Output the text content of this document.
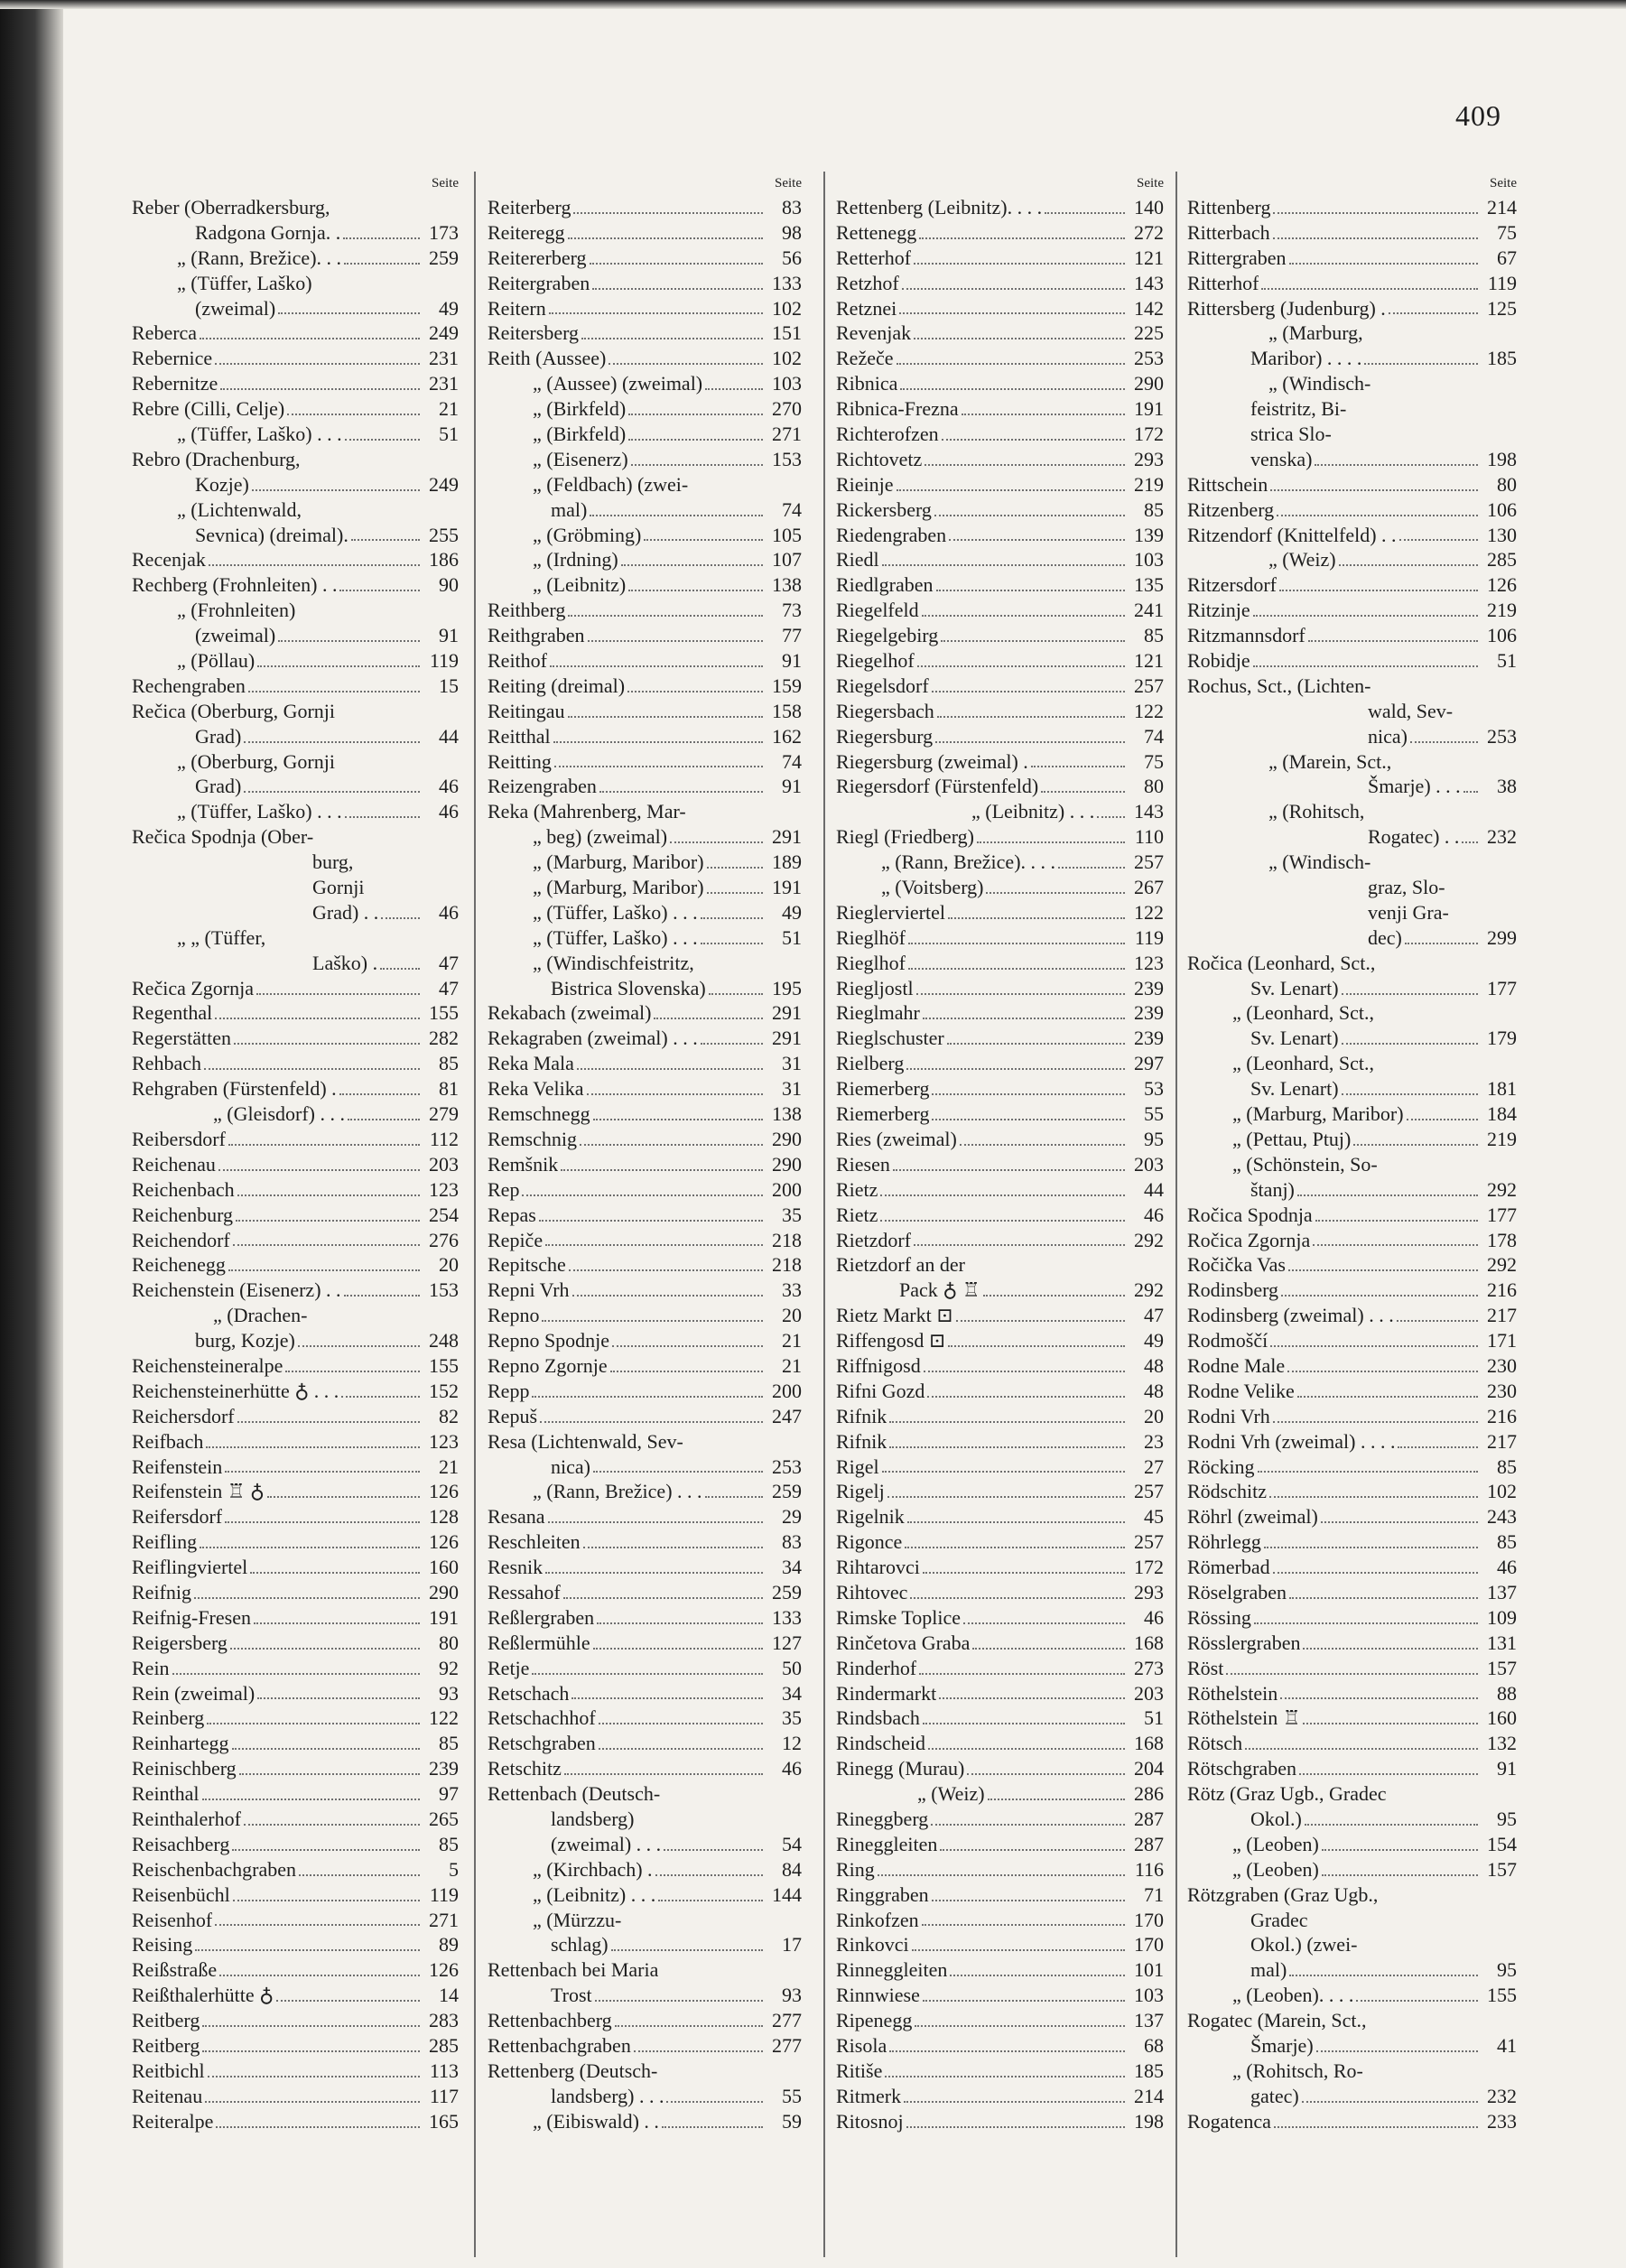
409
Seite
Reber (Oberradkersburg,
Radgona Gornja. .	173
„ (Rann, Brežice). . .	259
„ (Tüffer, Laško)
(zweimal)	49
Reberca	249
Rebernice	231
Rebernitze	231
Rebre (Cilli, Celje)	21
„ (Tüffer, Laško) . . .	51
Rebro (Drachenburg,
Kozje)	249
„ (Lichtenwald,
Sevnica) (dreimal).	255
Recenjak	186
Rechberg (Frohnleiten) . .	90
„ (Frohnleiten)
(zweimal)	91
„ (Pöllau)	119
Rechengraben	15
Rečica (Oberburg, Gornji
Grad)	44
„ (Oberburg, Gornji
Grad)	46
„ (Tüffer, Laško) . . .	46
Rečica Spodnja (Ober-
burg,
Gornji
Grad) . .	46
„ „ (Tüffer,
Laško) .	47
Rečica Zgornja	47
Regenthal	155
Regerstätten	282
Rehbach	85
Rehgraben (Fürstenfeld) .	81
„ (Gleisdorf) . . .	279
Reibersdorf	112
Reichenau	203
Reichenbach	123
Reichenburg	254
Reichendorf	276
Reichenegg	20
Reichenstein (Eisenerz) . .	153
„ (Drachen-
burg, Kozje)	248
Reichensteineralpe	155
Reichensteinerhütte ♁ . . .	152
Reichersdorf	82
Reifbach	123
Reifenstein	21
Reifenstein ♖ ♁	126
Reifersdorf	128
Reifling	126
Reiflingviertel	160
Reifnig	290
Reifnig-Fresen	191
Reigersberg	80
Rein	92
Rein (zweimal)	93
Reinberg	122
Reinhartegg	85
Reinischberg	239
Reinthal	97
Reinthalerhof	265
Reisachberg	85
Reischenbachgraben	5
Reisenbüchl	119
Reisenhof	271
Reising	89
Reißstraße	126
Reißthalerhütte ♁	14
Reitberg	283
Reitberg	285
Reitbichl	113
Reitenau	117
Reiteralpe	165
Seite
Reiterberg	83
Reiteregg	98
Reitererberg	56
Reitergraben	133
Reitern	102
Reitersberg	151
Reith (Aussee)	102
„ (Aussee) (zweimal)	103
„ (Birkfeld)	270
„ (Birkfeld)	271
„ (Eisenerz)	153
„ (Feldbach) (zwei-
mal)	74
„ (Gröbming)	105
„ (Irdning)	107
„ (Leibnitz)	138
Reithberg	73
Reithgraben	77
Reithof	91
Reiting (dreimal)	159
Reitingau	158
Reitthal	162
Reitting	74
Reizengraben	91
Reka (Mahrenberg, Mar-
„ beg) (zweimal)	291
„ (Marburg, Maribor)	189
„ (Marburg, Maribor)	191
„ (Tüffer, Laško) . . .	49
„ (Tüffer, Laško) . . .	51
„ (Windischfeistritz,
Bistrica Slovenska)	195
Rekabach (zweimal)	291
Rekagraben (zweimal) . . .	291
Reka Mala	31
Reka Velika	31
Remschnegg	138
Remschnig	290
Remšnik	290
Rep	200
Repas	35
Repiče	218
Repitsche	218
Repni Vrh	33
Repno	20
Repno Spodnje	21
Repno Zgornje	21
Repp	200
Repuš	247
Resa (Lichtenwald, Sev-
nica)	253
„ (Rann, Brežice) . . .	259
Resana	29
Reschleiten	83
Resnik	34
Ressahof	259
Reßlergraben	133
Reßlermühle	127
Retje	50
Retschach	34
Retschachhof	35
Retschgraben	12
Retschitz	46
Rettenbach (Deutsch-
landsberg)
(zweimal) . . .	54
„ (Kirchbach) .	84
„ (Leibnitz) . . .	144
„ (Mürzzu-
schlag)	17
Rettenbach bei Maria
Trost	93
Rettenbachberg	277
Rettenbachgraben	277
Rettenberg (Deutsch-
landsberg) . . .	55
„ (Eibiswald) . .	59
Seite
Rettenberg (Leibnitz). . . .	140
Rettenegg	272
Retterhof	121
Retzhof	143
Retznei	142
Revenjak	225
Režeče	253
Ribnica	290
Ribnica-Frezna	191
Richterofzen	172
Richtovetz	293
Rieinje	219
Rickersberg	85
Riedengraben	139
Riedl	103
Riedlgraben	135
Riegelfeld	241
Riegelgebirg	85
Riegelhof	121
Riegelsdorf	257
Riegersbach	122
Riegersburg	74
Riegersburg (zweimal) .	75
Riegersdorf (Fürstenfeld)	80
„ (Leibnitz) . . .	143
Riegl (Friedberg)	110
„ (Rann, Brežice). . . .	257
„ (Voitsberg)	267
Rieglerviertel	122
Rieglhöf	119
Rieglhof	123
Riegljostl	239
Rieglmahr	239
Rieglschuster	239
Rielberg	297
Riemerberg	53
Riemerberg	55
Ries (zweimal)	95
Riesen	203
Rietz	44
Rietz	46
Rietzdorf	292
Rietzdorf an der
Pack ♁ ♖	292
Rietz Markt ⊡	47
Riffengosd ⊡	49
Riffnigosd	48
Rifni Gozd	48
Rifnik	20
Rifnik	23
Rigel	27
Rigelj	257
Rigelnik	45
Rigonce	257
Rihtarovci	172
Rihtovec	293
Rimske Toplice	46
Rinčetova Graba	168
Rinderhof	273
Rindermarkt	203
Rindsbach	51
Rindscheid	168
Rinegg (Murau)	204
„ (Weiz)	286
Rineggberg	287
Rineggleiten	287
Ring	116
Ringgraben	71
Rinkofzen	170
Rinkovci	170
Rinneggleiten	101
Rinnwiese	103
Ripenegg	137
Risola	68
Ritiše	185
Ritmerk	214
Ritosnoj	198
Seite
Rittenberg	214
Ritterbach	75
Rittergraben	67
Ritterhof	119
Rittersberg (Judenburg) .	125
„ (Marburg,
Maribor) . . . .	185
„ (Windisch-
feistritz, Bi-
strica Slo-
venska)	198
Rittschein	80
Ritzenberg	106
Ritzendorf (Knittelfeld) . .	130
„ (Weiz)	285
Ritzersdorf	126
Ritzinje	219
Ritzmannsdorf	106
Robidje	51
Rochus, Sct., (Lichten-
wald, Sev-
nica)	253
„ (Marein, Sct.,
Šmarje) . . .	38
„ (Rohitsch,
Rogatec) . .	232
„ (Windisch-
graz, Slo-
venji Gra-
dec)	299
Ročica (Leonhard, Sct.,
Sv. Lenart)	177
„ (Leonhard, Sct.,
Sv. Lenart)	179
„ (Leonhard, Sct.,
Sv. Lenart)	181
„ (Marburg, Maribor)	184
„ (Pettau, Ptuj)	219
„ (Schönstein, So-
štanj)	292
Ročica Spodnja	177
Ročica Zgornja	178
Ročička Vas	292
Rodinsberg	216
Rodinsberg (zweimal) . . .	217
Rodmoščí	171
Rodne Male	230
Rodne Velike	230
Rodni Vrh	216
Rodni Vrh (zweimal) . . . .	217
Röcking	85
Rödschitz	102
Röhrl (zweimal)	243
Röhrlegg	85
Römerbad	46
Röselgraben	137
Rössing	109
Rösslergraben	131
Röst	157
Röthelstein	88
Röthelstein ♖	160
Rötsch	132
Rötschgraben	91
Rötz (Graz Ugb., Gradec
Okol.)	95
„ (Leoben)	154
„ (Leoben)	157
Rötzgraben (Graz Ugb.,
Gradec
Okol.) (zwei-
mal)	95
„ (Leoben). . . .	155
Rogatec (Marein, Sct.,
Šmarje)	41
„ (Rohitsch, Ro-
gatec)	232
Rogatenca	233
